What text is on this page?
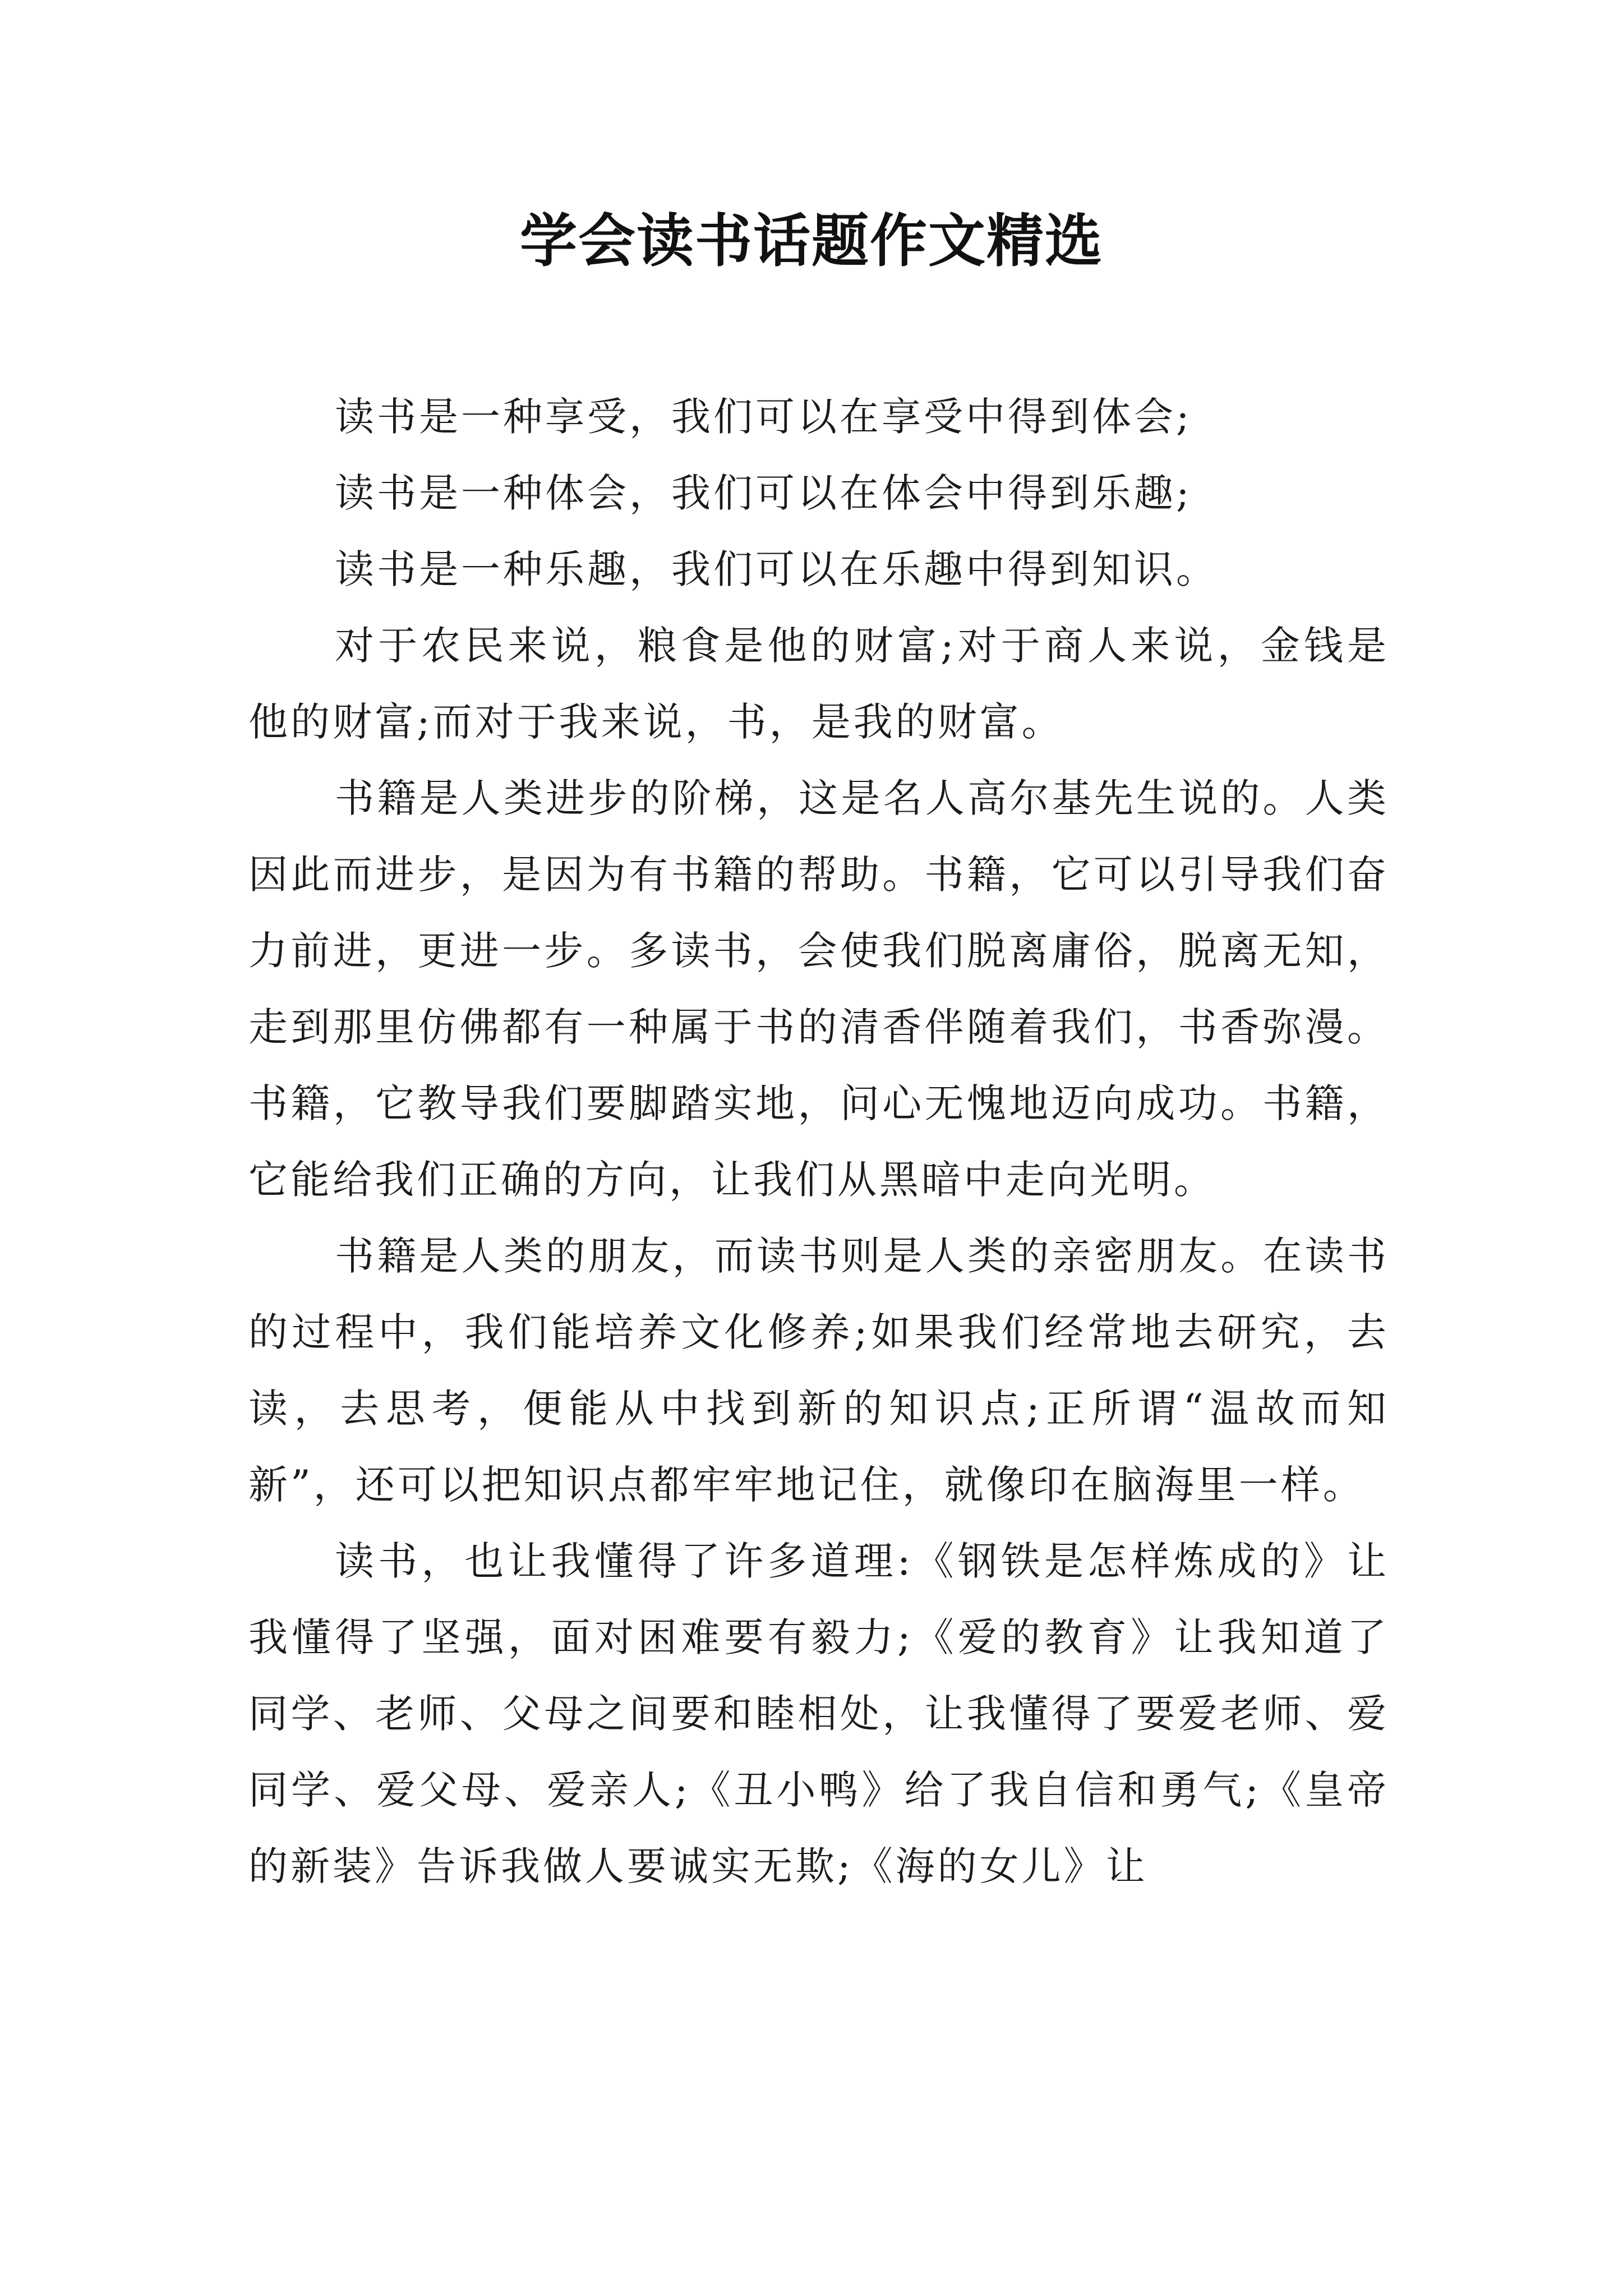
学会读书话题作文精选

读书是一种享受，我们可以在享受中得到体会;

读书是一种体会，我们可以在体会中得到乐趣;

读书是一种乐趣，我们可以在乐趣中得到知识。

对于农民来说，粮食是他的财富;对于商人来说，金钱是他的财富;而对于我来说，书，是我的财富。

书籍是人类进步的阶梯，这是名人高尔基先生说的。人类因此而进步，是因为有书籍的帮助。书籍，它可以引导我们奋力前进，更进一步。多读书，会使我们脱离庸俗，脱离无知，走到那里仿佛都有一种属于书的清香伴随着我们，书香弥漫。书籍，它教导我们要脚踏实地，问心无愧地迈向成功。书籍，它能给我们正确的方向，让我们从黑暗中走向光明。

书籍是人类的朋友，而读书则是人类的亲密朋友。在读书的过程中，我们能培养文化修养;如果我们经常地去研究，去读，去思考，便能从中找到新的知识点;正所谓“温故而知新”，还可以把知识点都牢牢地记住，就像印在脑海里一样。

读书，也让我懂得了许多道理:《钢铁是怎样炼成的》让我懂得了坚强，面对困难要有毅力;《爱的教育》让我知道了同学、老师、父母之间要和睦相处，让我懂得了要爱老师、爱同学、爱父母、爱亲人;《丑小鸭》给了我自信和勇气;《皇帝的新装》告诉我做人要诚实无欺;《海的女儿》让
